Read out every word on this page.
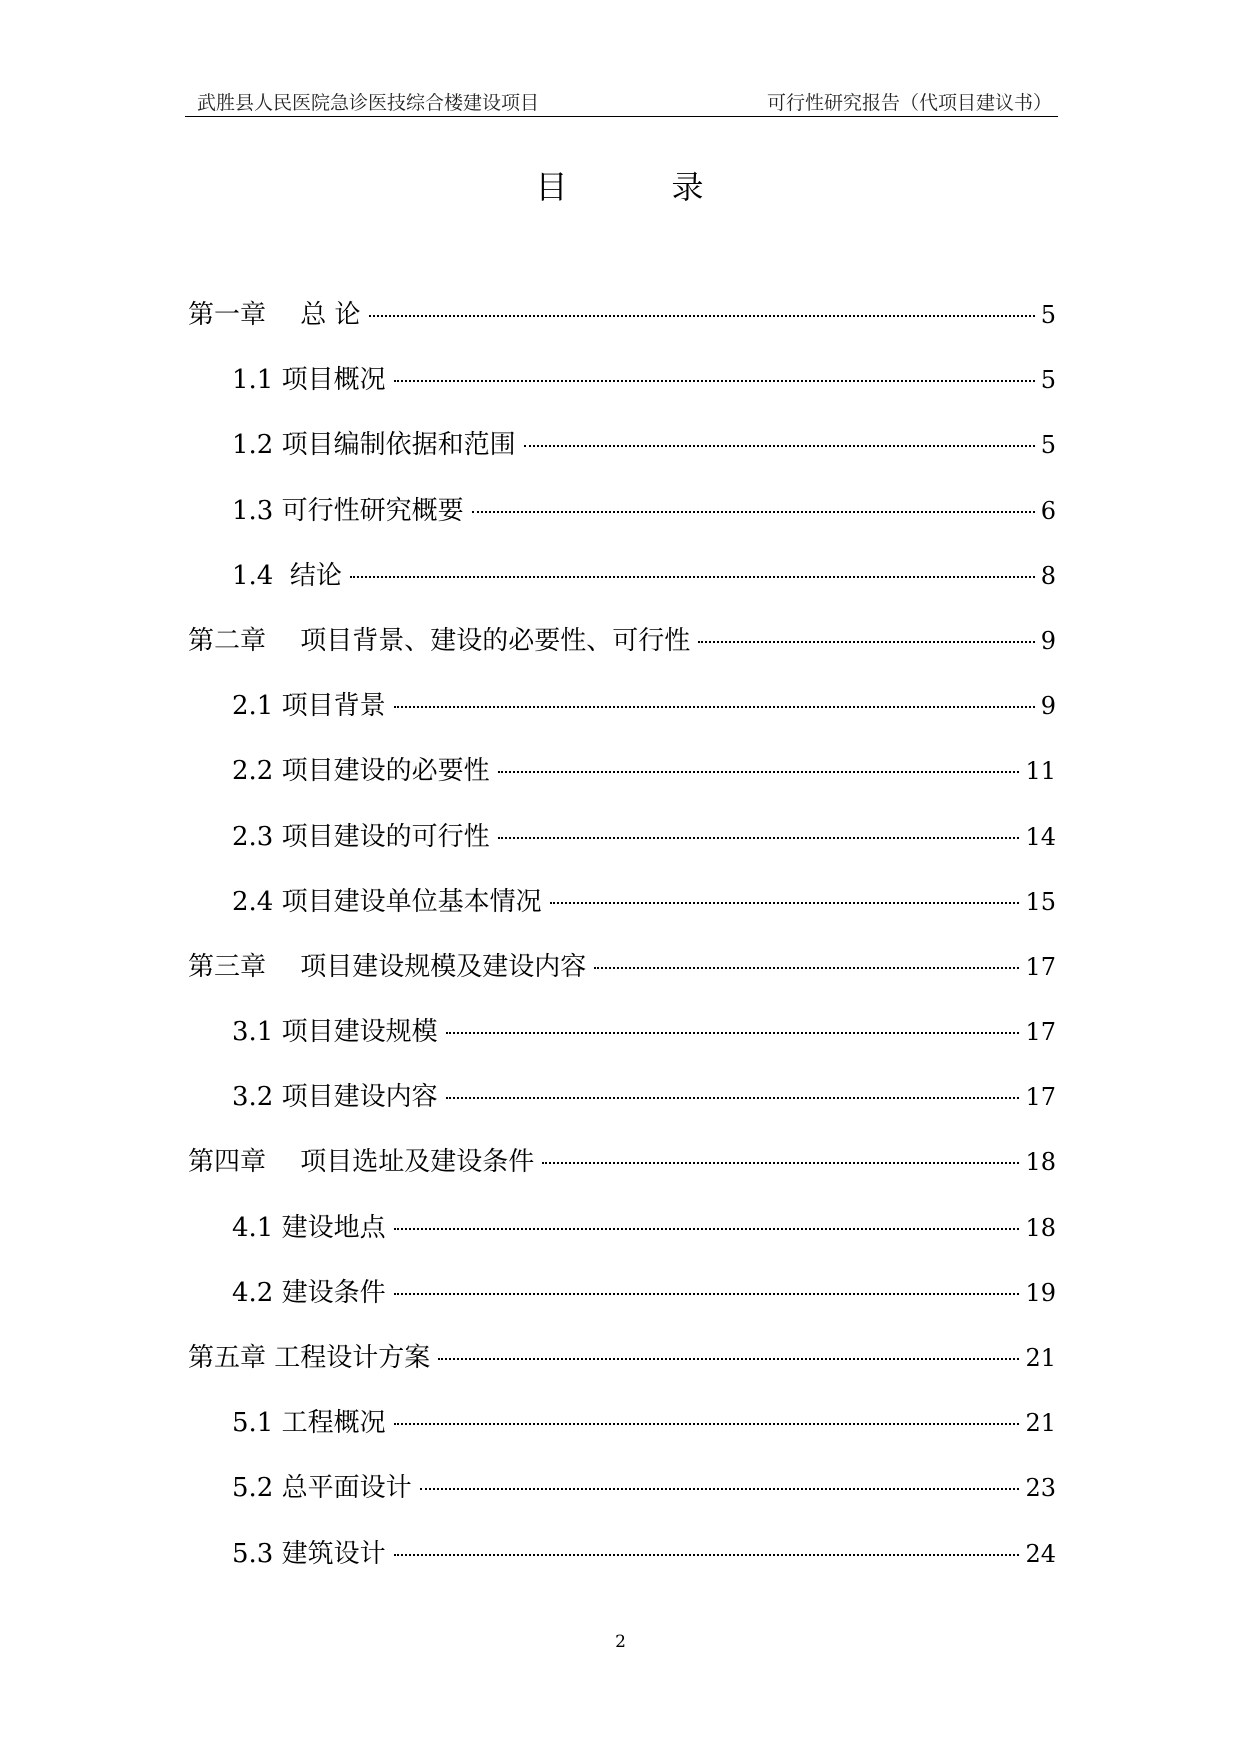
武胜县人民医院急诊医技综合楼建设项目	可行性研究报告（代项目建议书）
目　　　录
第一章　 总 论	5
1.1 项目概况	5
1.2 项目编制依据和范围	5
1.3 可行性研究概要	6
1.4  结论	8
第二章　 项目背景、建设的必要性、可行性	9
2.1 项目背景	9
2.2 项目建设的必要性	11
2.3 项目建设的可行性	14
2.4 项目建设单位基本情况	15
第三章　 项目建设规模及建设内容	17
3.1 项目建设规模	17
3.2 项目建设内容	17
第四章　 项目选址及建设条件	18
4.1 建设地点	18
4.2 建设条件	19
第五章 工程设计方案	21
5.1 工程概况	21
5.2 总平面设计	23
5.3 建筑设计	24
2
